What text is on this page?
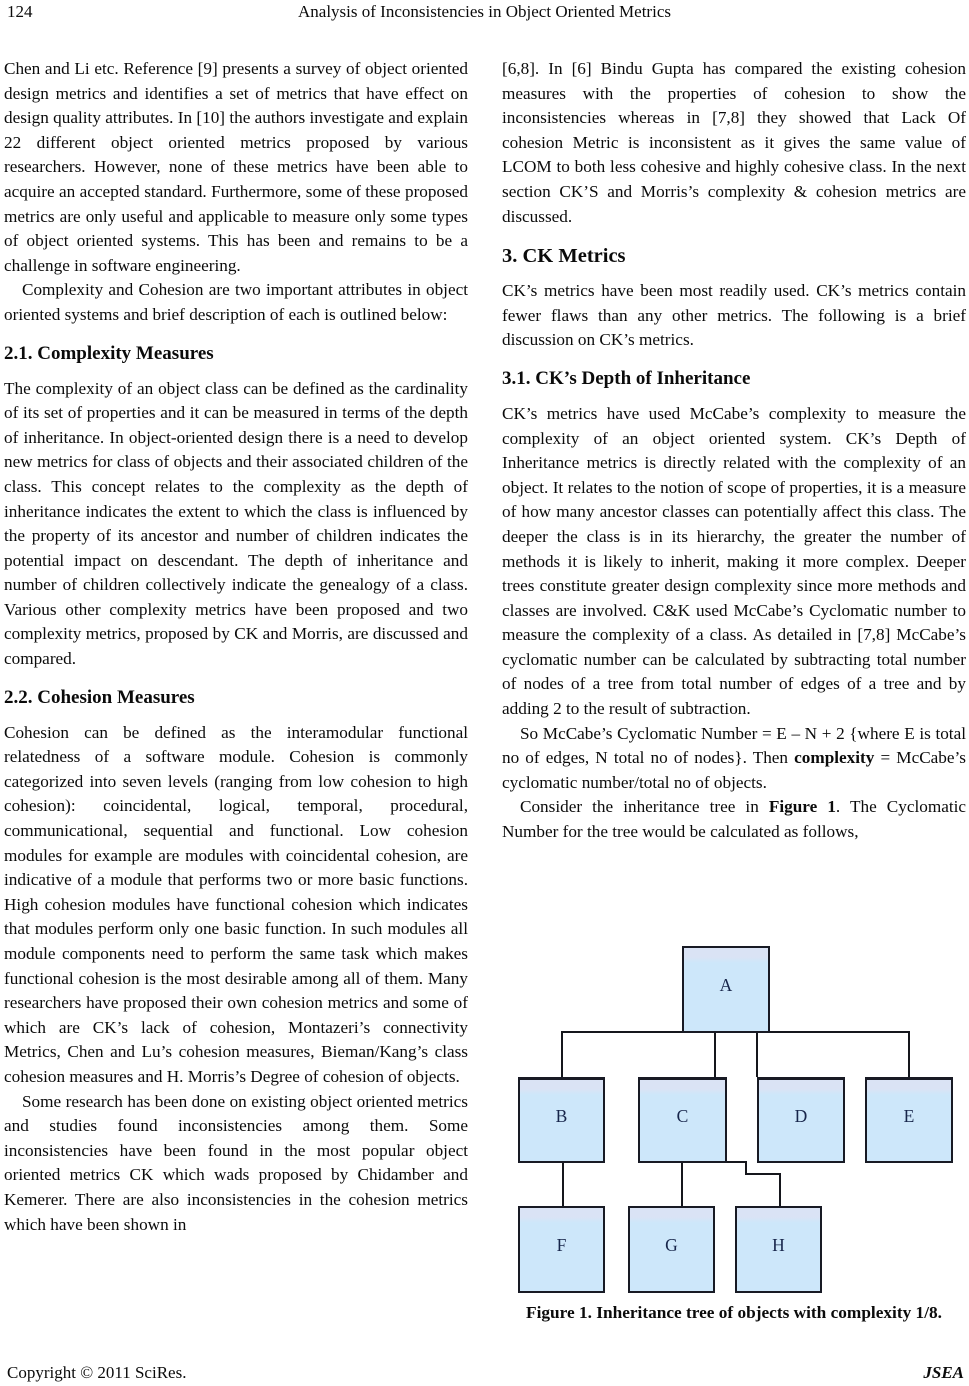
124	Analysis of Inconsistencies in Object Oriented Metrics

Chen and Li etc. Reference [9] presents a survey of object oriented design metrics and identifies a set of metrics that have effect on design quality attributes. In [10] the authors investigate and explain 22 different object oriented metrics proposed by various researchers. However, none of these metrics have been able to acquire an accepted standard. Furthermore, some of these proposed metrics are only useful and applicable to measure only some types of object oriented systems. This has been and remains to be a challenge in software engineering.

Complexity and Cohesion are two important attributes in object oriented systems and brief description of each is outlined below:

2.1. Complexity Measures

The complexity of an object class can be defined as the cardinality of its set of properties and it can be measured in terms of the depth of inheritance. In object-oriented design there is a need to develop new metrics for class of objects and their associated children of the class. This concept relates to the complexity as the depth of inheritance indicates the extent to which the class is influenced by the property of its ancestor and number of children indicates the potential impact on descendant. The depth of inheritance and number of children collectively indicate the genealogy of a class. Various other complexity metrics have been proposed and two complexity metrics, proposed by CK and Morris, are discussed and compared.

2.2. Cohesion Measures

Cohesion can be defined as the interamodular functional relatedness of a software module. Cohesion is commonly categorized into seven levels (ranging from low cohesion to high cohesion): coincidental, logical, temporal, procedural, communicational, sequential and functional. Low cohesion modules for example are modules with coincidental cohesion, are indicative of a module that performs two or more basic functions. High cohesion modules have functional cohesion which indicates that modules perform only one basic function. In such modules all module components need to perform the same task which makes functional cohesion is the most desirable among all of them. Many researchers have proposed their own cohesion metrics and some of which are CK’s lack of cohesion, Montazeri’s connectivity Metrics, Chen and Lu’s cohesion measures, Bieman/Kang’s class cohesion measures and H. Morris’s Degree of cohesion of objects.

Some research has been done on existing object oriented metrics and studies found inconsistencies among them. Some inconsistencies have been found in the most popular object oriented metrics CK which wads proposed by Chidamber and Kemerer. There are also inconsistencies in the cohesion metrics which have been shown in

[6,8]. In [6] Bindu Gupta has compared the existing cohesion measures with the properties of cohesion to show the inconsistencies whereas in [7,8] they showed that Lack Of cohesion Metric is inconsistent as it gives the same value of LCOM to both less cohesive and highly cohesive class. In the next section CK’S and Morris’s complexity & cohesion metrics are discussed.

3. CK Metrics

CK’s metrics have been most readily used. CK’s metrics contain fewer flaws than any other metrics. The following is a brief discussion on CK’s metrics.

3.1. CK’s Depth of Inheritance

CK’s metrics have used McCabe’s complexity to measure the complexity of an object oriented system. CK’s Depth of Inheritance metrics is directly related with the complexity of an object. It relates to the notion of scope of properties, it is a measure of how many ancestor classes can potentially affect this class. The deeper the class is in its hierarchy, the greater the number of methods it is likely to inherit, making it more complex. Deeper trees constitute greater design complexity since more methods and classes are involved. C&K used McCabe’s Cyclomatic number to measure the complexity of a class. As detailed in [7,8] McCabe’s cyclomatic number can be calculated by subtracting total number of nodes of a tree from total number of edges of a tree and by adding 2 to the result of subtraction.

So McCabe’s Cyclomatic Number = E – N + 2 {where E is total no of edges, N total no of nodes}. Then complexity = McCabe’s cyclomatic number/total no of objects.

Consider the inheritance tree in Figure 1. The Cyclomatic Number for the tree would be calculated as follows,

A
B	C	D	E
F	G	H
Figure 1. Inheritance tree of objects with complexity 1/8.
Copyright © 2011 SciRes.	JSEA
